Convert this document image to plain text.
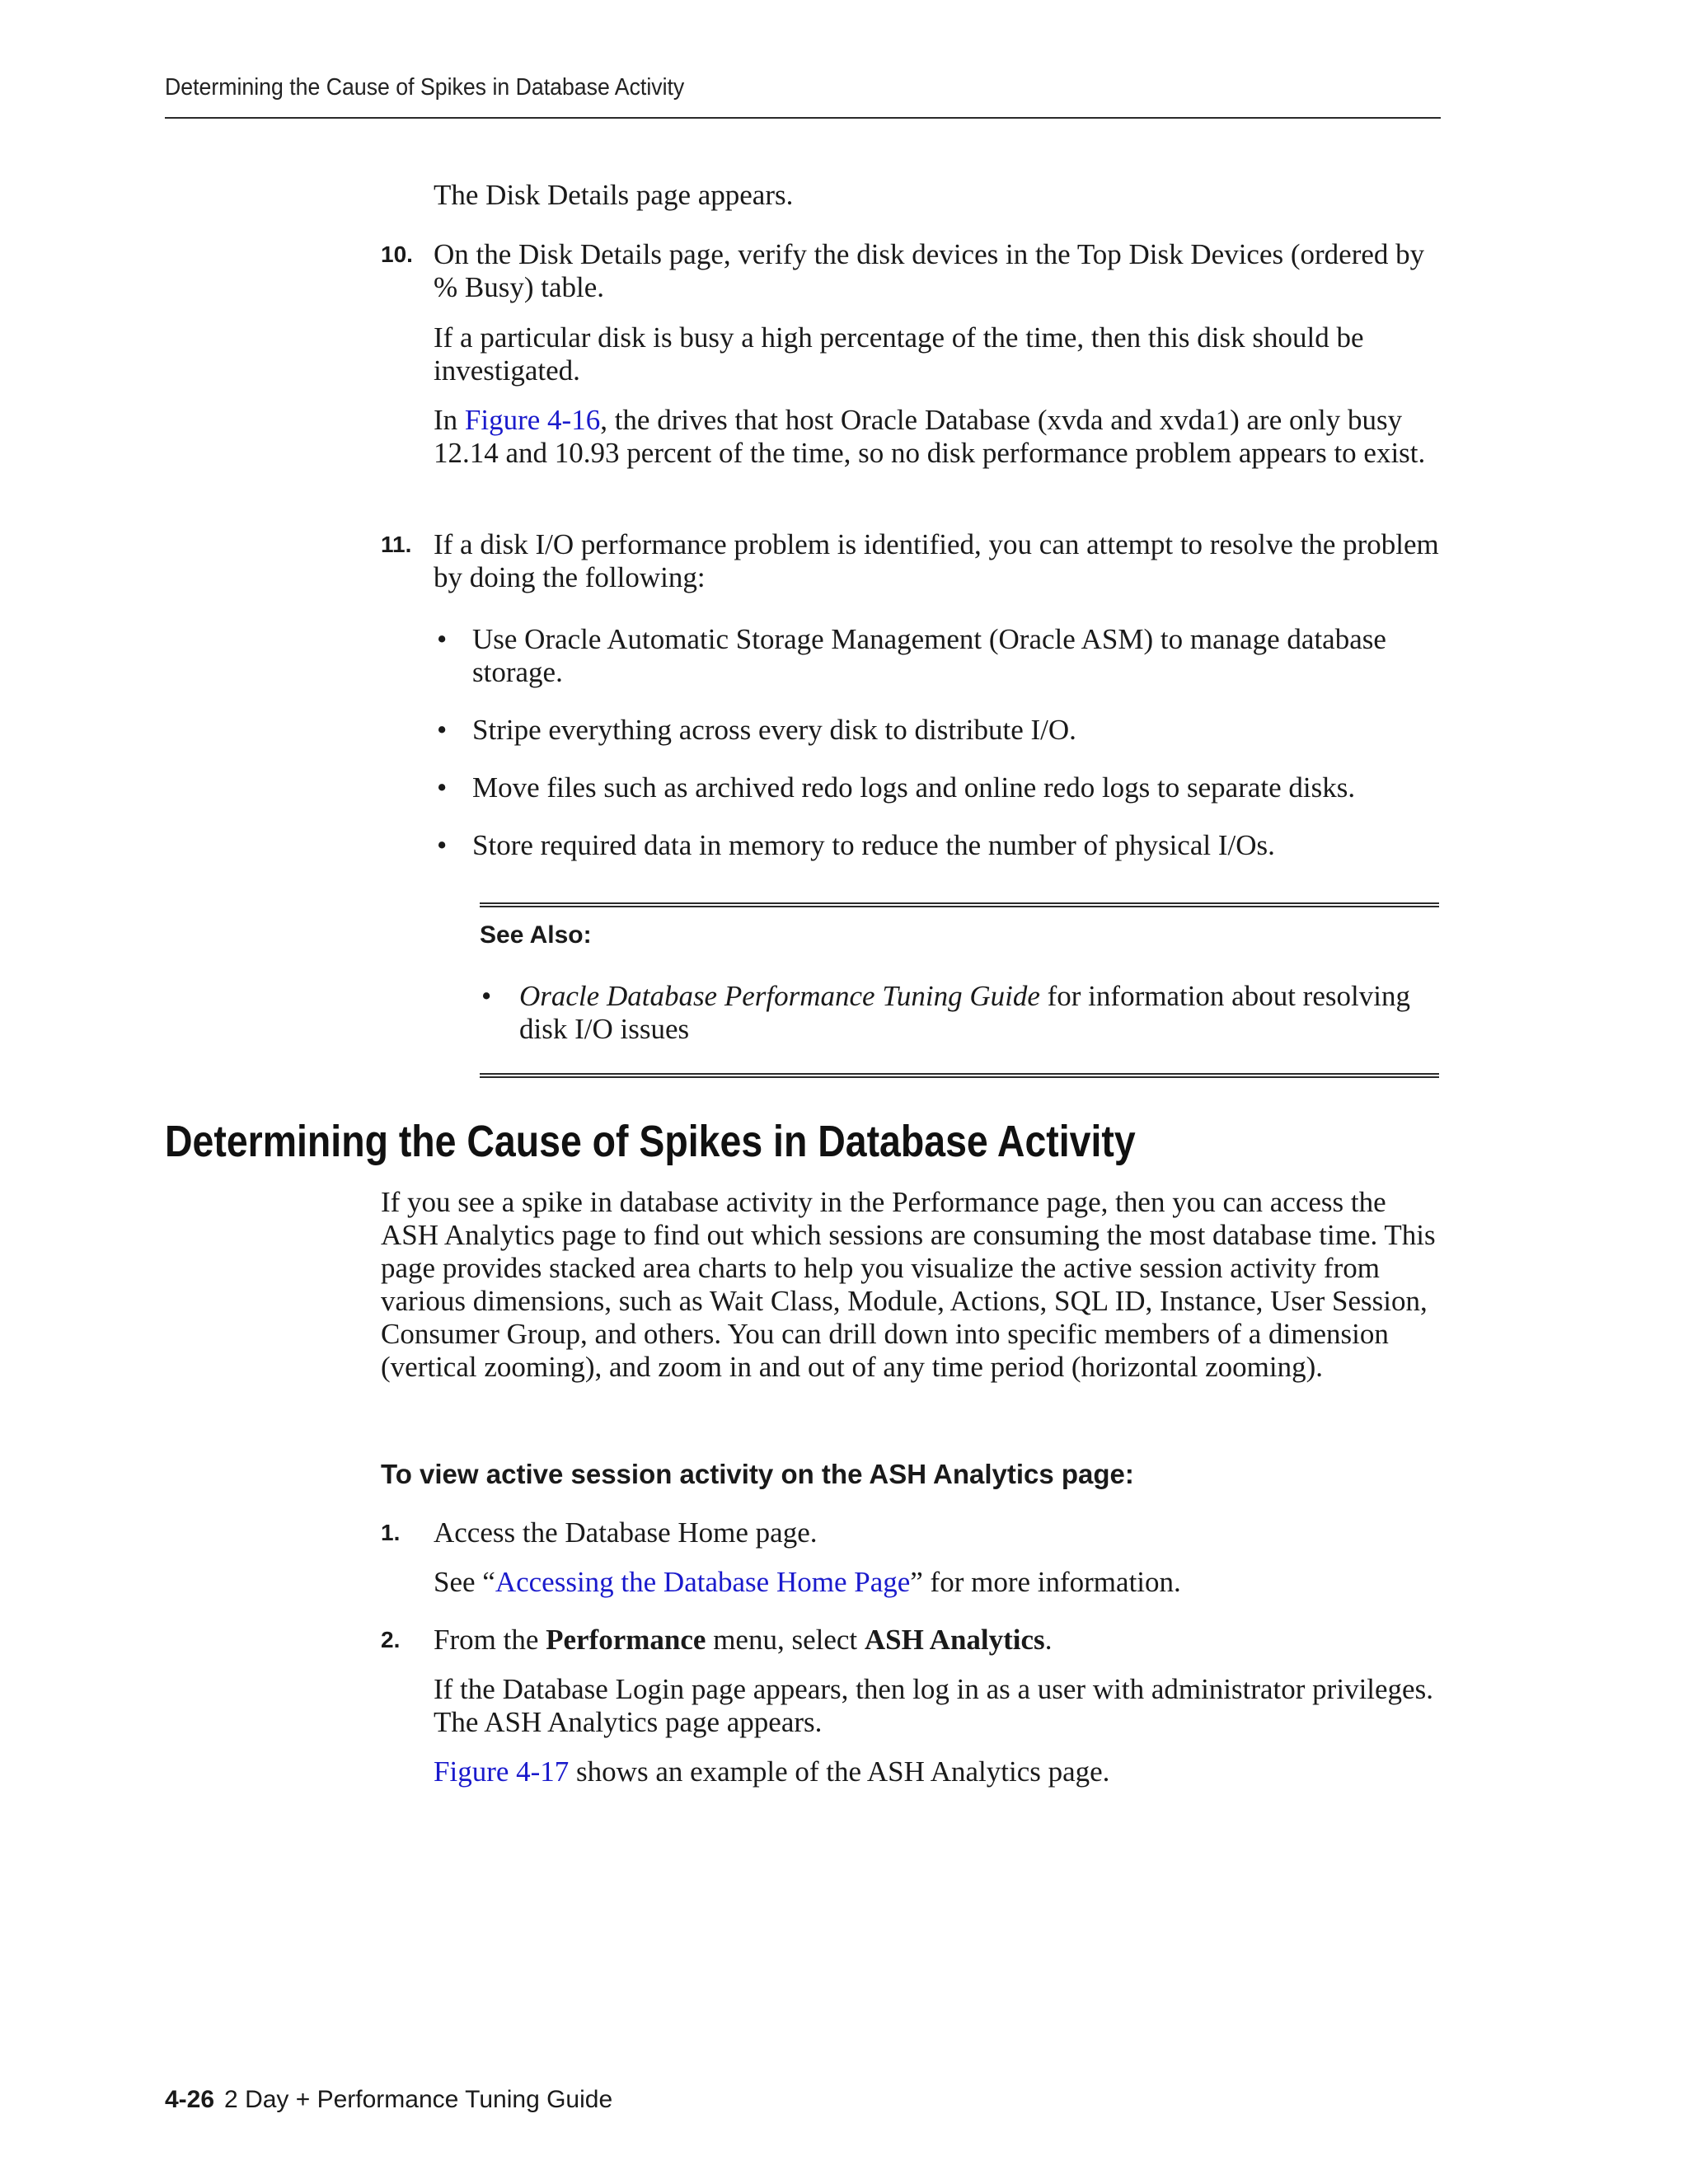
Determining the Cause of Spikes in Database Activity
The Disk Details page appears.
10. On the Disk Details page, verify the disk devices in the Top Disk Devices (ordered by % Busy) table.
If a particular disk is busy a high percentage of the time, then this disk should be investigated.
In Figure 4-16, the drives that host Oracle Database (xvda and xvda1) are only busy 12.14 and 10.93 percent of the time, so no disk performance problem appears to exist.
11. If a disk I/O performance problem is identified, you can attempt to resolve the problem by doing the following:
• Use Oracle Automatic Storage Management (Oracle ASM) to manage database storage.
• Stripe everything across every disk to distribute I/O.
• Move files such as archived redo logs and online redo logs to separate disks.
• Store required data in memory to reduce the number of physical I/Os.
See Also:
• Oracle Database Performance Tuning Guide for information about resolving disk I/O issues
Determining the Cause of Spikes in Database Activity
If you see a spike in database activity in the Performance page, then you can access the ASH Analytics page to find out which sessions are consuming the most database time. This page provides stacked area charts to help you visualize the active session activity from various dimensions, such as Wait Class, Module, Actions, SQL ID, Instance, User Session, Consumer Group, and others. You can drill down into specific members of a dimension (vertical zooming), and zoom in and out of any time period (horizontal zooming).
To view active session activity on the ASH Analytics page:
1. Access the Database Home page.
See “Accessing the Database Home Page” for more information.
2. From the Performance menu, select ASH Analytics.
If the Database Login page appears, then log in as a user with administrator privileges. The ASH Analytics page appears.
Figure 4-17 shows an example of the ASH Analytics page.
4-26 2 Day + Performance Tuning Guide
